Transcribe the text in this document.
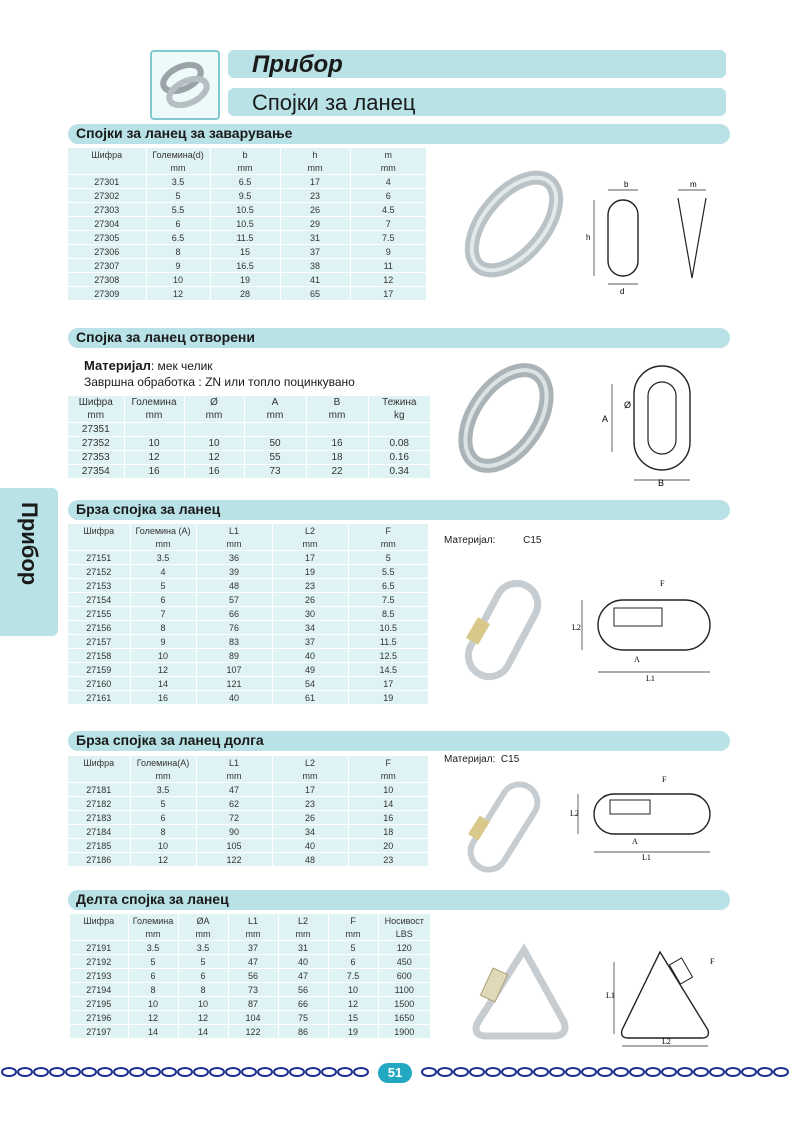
Прибор
Спојки за ланец
Прибор
Спојки за ланец за заварување
Шифра	Големина(d)	b	h	m
	mm	mm	mm	mm
27301	3.5	6.5	17	4
27302	5	9.5	23	6
27303	5.5	10.5	26	4.5
27304	6	10.5	29	7
27305	6.5	11.5	31	7.5
27306	8	15	37	9
27307	9	16.5	38	11
27308	10	19	41	12
27309	12	28	65	17
Спојка за ланец отворени
Материјал: мек челик
Завршна обработка : ZN или топло поцинкувано
Шифра	Големина	Ø	A	B	Тежина
mm	mm	mm	mm	mm	kg
27351					
27352	10	10	50	16	0.08
27353	12	12	55	18	0.16
27354	16	16	73	22	0.34
Брза спојка за ланец
Материјал:          C15
Шифра	Големина (A)	L1	L2	F
	mm	mm	mm	mm
27151	3.5	36	17	5
27152	4	39	19	5.5
27153	5	48	23	6.5
27154	6	57	26	7.5
27155	7	66	30	8.5
27156	8	76	34	10.5
27157	9	83	37	11.5
27158	10	89	40	12.5
27159	12	107	49	14.5
27160	14	121	54	17
27161	16	40	61	19
Брза спојка за ланец долга
Материјал:  C15
Шифра	Големина(A)	L1	L2	F
	mm	mm	mm	mm
27181	3.5	47	17	10
27182	5	62	23	14
27183	6	72	26	16
27184	8	90	34	18
27185	10	105	40	20
27186	12	122	48	23
Делта спојка за ланец
Шифра	Големина	ØA	L1	L2	F	Носивост
	mm	mm	mm	mm	mm	LBS
27191	3.5	3.5	37	31	5	120
27192	5	5	47	40	6	450
27193	6	6	56	47	7.5	600
27194	8	8	73	56	10	1100
27195	10	10	87	66	12	1500
27196	12	12	104	75	15	1650
27197	14	14	122	86	19	1900
b
h
m
d
Ø
A
B
F
L2
A
L1
F
L2
A
L1
F
L1
L2
51
